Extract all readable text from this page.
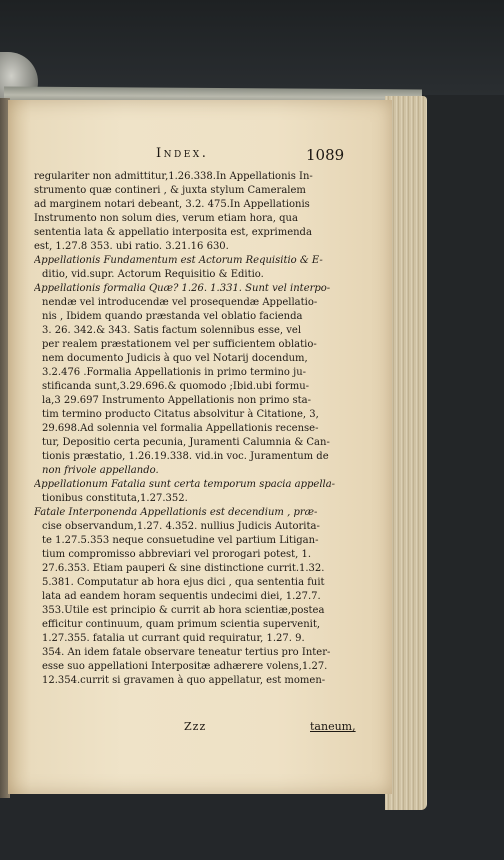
Index.	1089
regulariter non admittitur,1.26.338.In Appellationis In-
strumento quæ contineri , & juxta stylum Cameralem
ad marginem notari debeant, 3.2. 475.In Appellationis
Instrumento non solum dies, verum etiam hora, qua
sententia lata & appellatio interposita est, exprimenda
est, 1.27.8 353. ubi ratio. 3.21.16 630.
Appellationis Fundamentum est Actorum Requisitio & E-
ditio, vid.supr. Actorum Requisitio & Editio.
Appellationis formalia Quæ? 1.26. 1.331. Sunt vel interpo-
nendæ vel introducendæ vel prosequendæ Appellatio-
nis , Ibidem quando præstanda vel oblatio facienda
3. 26. 342.& 343. Satis factum solennibus esse, vel
per realem præstationem vel per sufficientem oblatio-
nem documento Judicis à quo vel Notarij docendum,
3.2.476 .Formalia Appellationis in primo termino ju-
stificanda sunt,3.29.696.& quomodo ;Ibid.ubi formu-
la,3 29.697 Instrumento Appellationis non primo sta-
tim termino producto Citatus absolvitur à Citatione, 3,
29.698.Ad solennia vel formalia Appellationis recense-
tur, Depositio certa pecunia, Juramenti Calumnia & Can-
tionis præstatio, 1.26.19.338. vid.in voc. Juramentum de
non frivole appellando.
Appellationum Fatalia sunt certa temporum spacia appella-
tionibus constituta,1.27.352.
Fatale Interponenda Appellationis est decendium , præ-
cise observandum,1.27. 4.352. nullius Judicis Autorita-
te 1.27.5.353 neque consuetudine vel partium Litigan-
tium compromisso abbreviari vel prorogari potest, 1.
27.6.353. Etiam pauperi & sine distinctione currit.1.32.
5.381. Computatur ab hora ejus dici , qua sententia fuit
lata ad eandem horam sequentis undecimi diei, 1.27.7.
353.Utile est principio & currit ab hora scientiæ,postea
efficitur continuum, quam primum scientia supervenit,
1.27.355. fatalia ut currant quid requiratur, 1.27. 9.
354. An idem fatale observare teneatur tertius pro Inter-
esse suo appellationi Interpositæ adhærere volens,1.27.
12.354.currit si gravamen à quo appellatur, est momen-
Zzz	taneum,
